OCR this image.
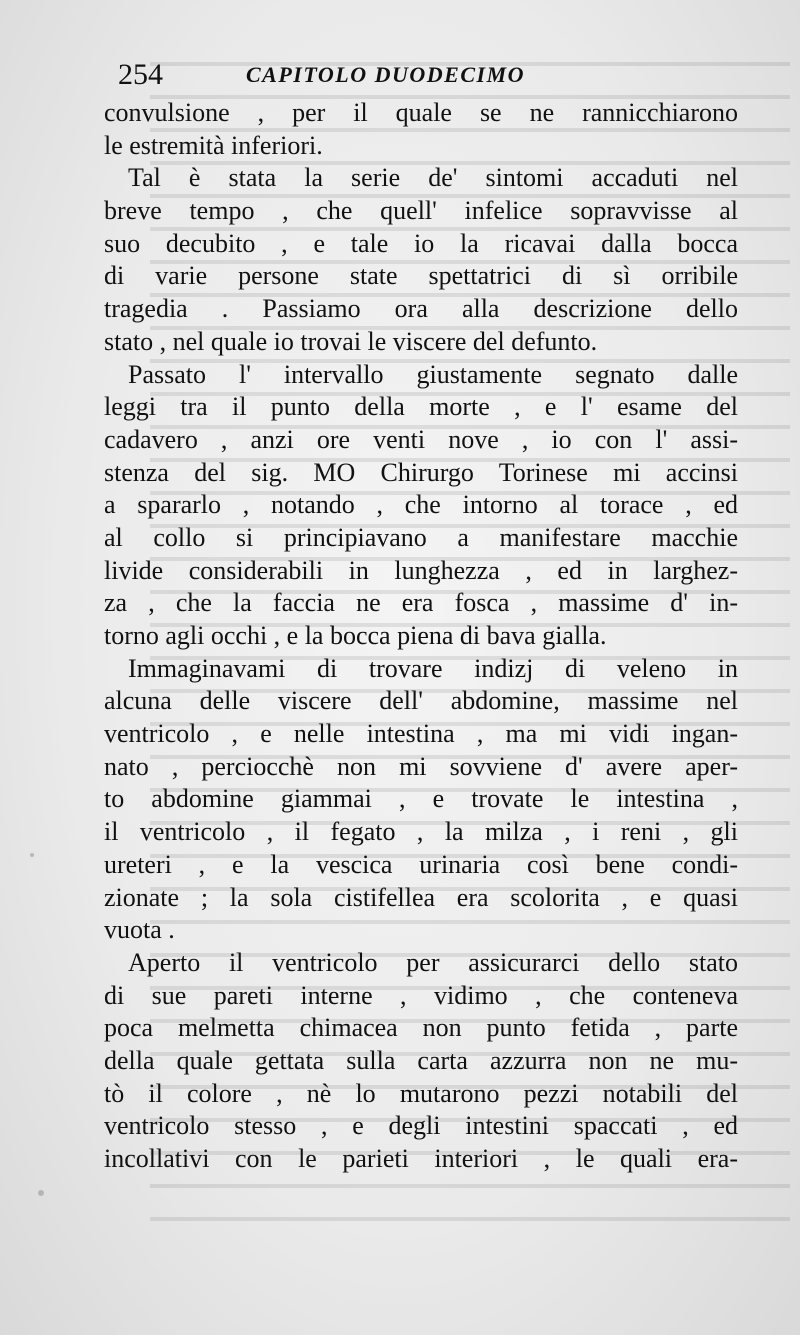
254	CAPITOLO DUODECIMO
convulsione , per il quale se ne rannicchiarono
le estremità inferiori.
Tal è stata la serie de' sintomi accaduti nel
breve tempo , che quell' infelice sopravvisse al
suo decubito , e tale io la ricavai dalla bocca
di varie persone state spettatrici di sì orribile
tragedia . Passiamo ora alla descrizione dello
stato , nel quale io trovai le viscere del defunto.
Passato l' intervallo giustamente segnato dalle
leggi tra il punto della morte , e l' esame del
cadavero , anzi ore venti nove , io con l' assi-
stenza del sig. MO Chirurgo Torinese mi accinsi
a spararlo , notando , che intorno al torace , ed
al collo si principiavano a manifestare macchie
livide considerabili in lunghezza , ed in larghez-
za , che la faccia ne era fosca , massime d' in-
torno agli occhi , e la bocca piena di bava gialla.
Immaginavami di trovare indizj di veleno in
alcuna delle viscere dell' abdomine, massime nel
ventricolo , e nelle intestina , ma mi vidi ingan-
nato , perciocchè non mi sovviene d' avere aper-
to abdomine giammai , e trovate le intestina ,
il ventricolo , il fegato , la milza , i reni , gli
ureteri , e la vescica urinaria così bene condi-
zionate ; la sola cistifellea era scolorita , e quasi
vuota .
Aperto il ventricolo per assicurarci dello stato
di sue pareti interne , vidimo , che conteneva
poca melmetta chimacea non punto fetida , parte
della quale gettata sulla carta azzurra non ne mu-
tò il colore , nè lo mutarono pezzi notabili del
ventricolo stesso , e degli intestini spaccati , ed
incollativi con le parieti interiori , le quali era-
